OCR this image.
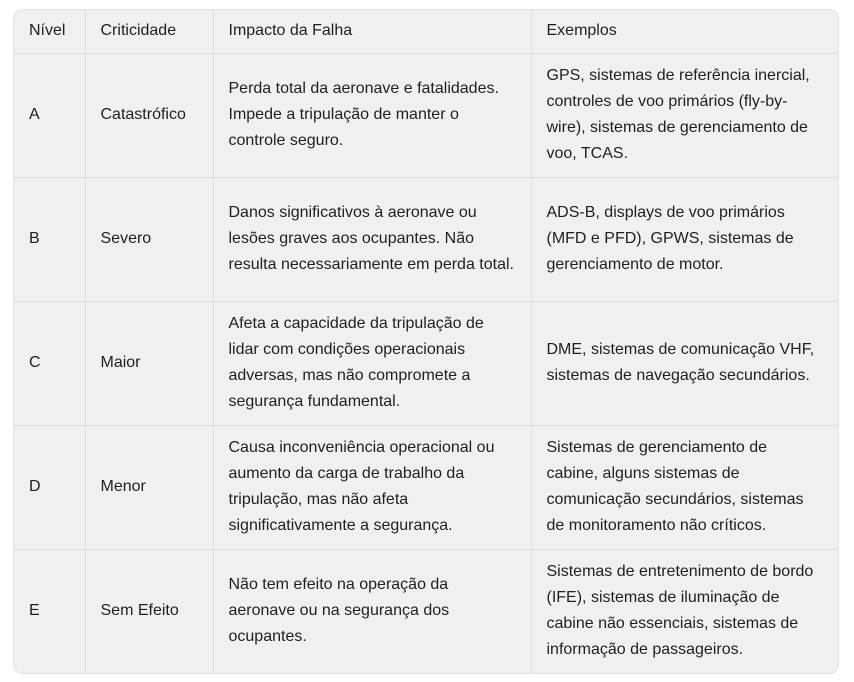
Nível	Criticidade	Impacto da Falha	Exemplos
A	Catastrófico	Perda total da aeronave e fatalidades. Impede a tripulação de manter o controle seguro.	GPS, sistemas de referência inercial, controles de voo primários (fly-by-wire), sistemas de gerenciamento de voo, TCAS.
B	Severo	Danos significativos à aeronave ou lesões graves aos ocupantes. Não resulta necessariamente em perda total.	ADS-B, displays de voo primários (MFD e PFD), GPWS, sistemas de gerenciamento de motor.
C	Maior	Afeta a capacidade da tripulação de lidar com condições operacionais adversas, mas não compromete a segurança fundamental.	DME, sistemas de comunicação VHF, sistemas de navegação secundários.
D	Menor	Causa inconveniência operacional ou aumento da carga de trabalho da tripulação, mas não afeta significativamente a segurança.	Sistemas de gerenciamento de cabine, alguns sistemas de comunicação secundários, sistemas de monitoramento não críticos.
E	Sem Efeito	Não tem efeito na operação da aeronave ou na segurança dos ocupantes.	Sistemas de entretenimento de bordo (IFE), sistemas de iluminação de cabine não essenciais, sistemas de informação de passageiros.
